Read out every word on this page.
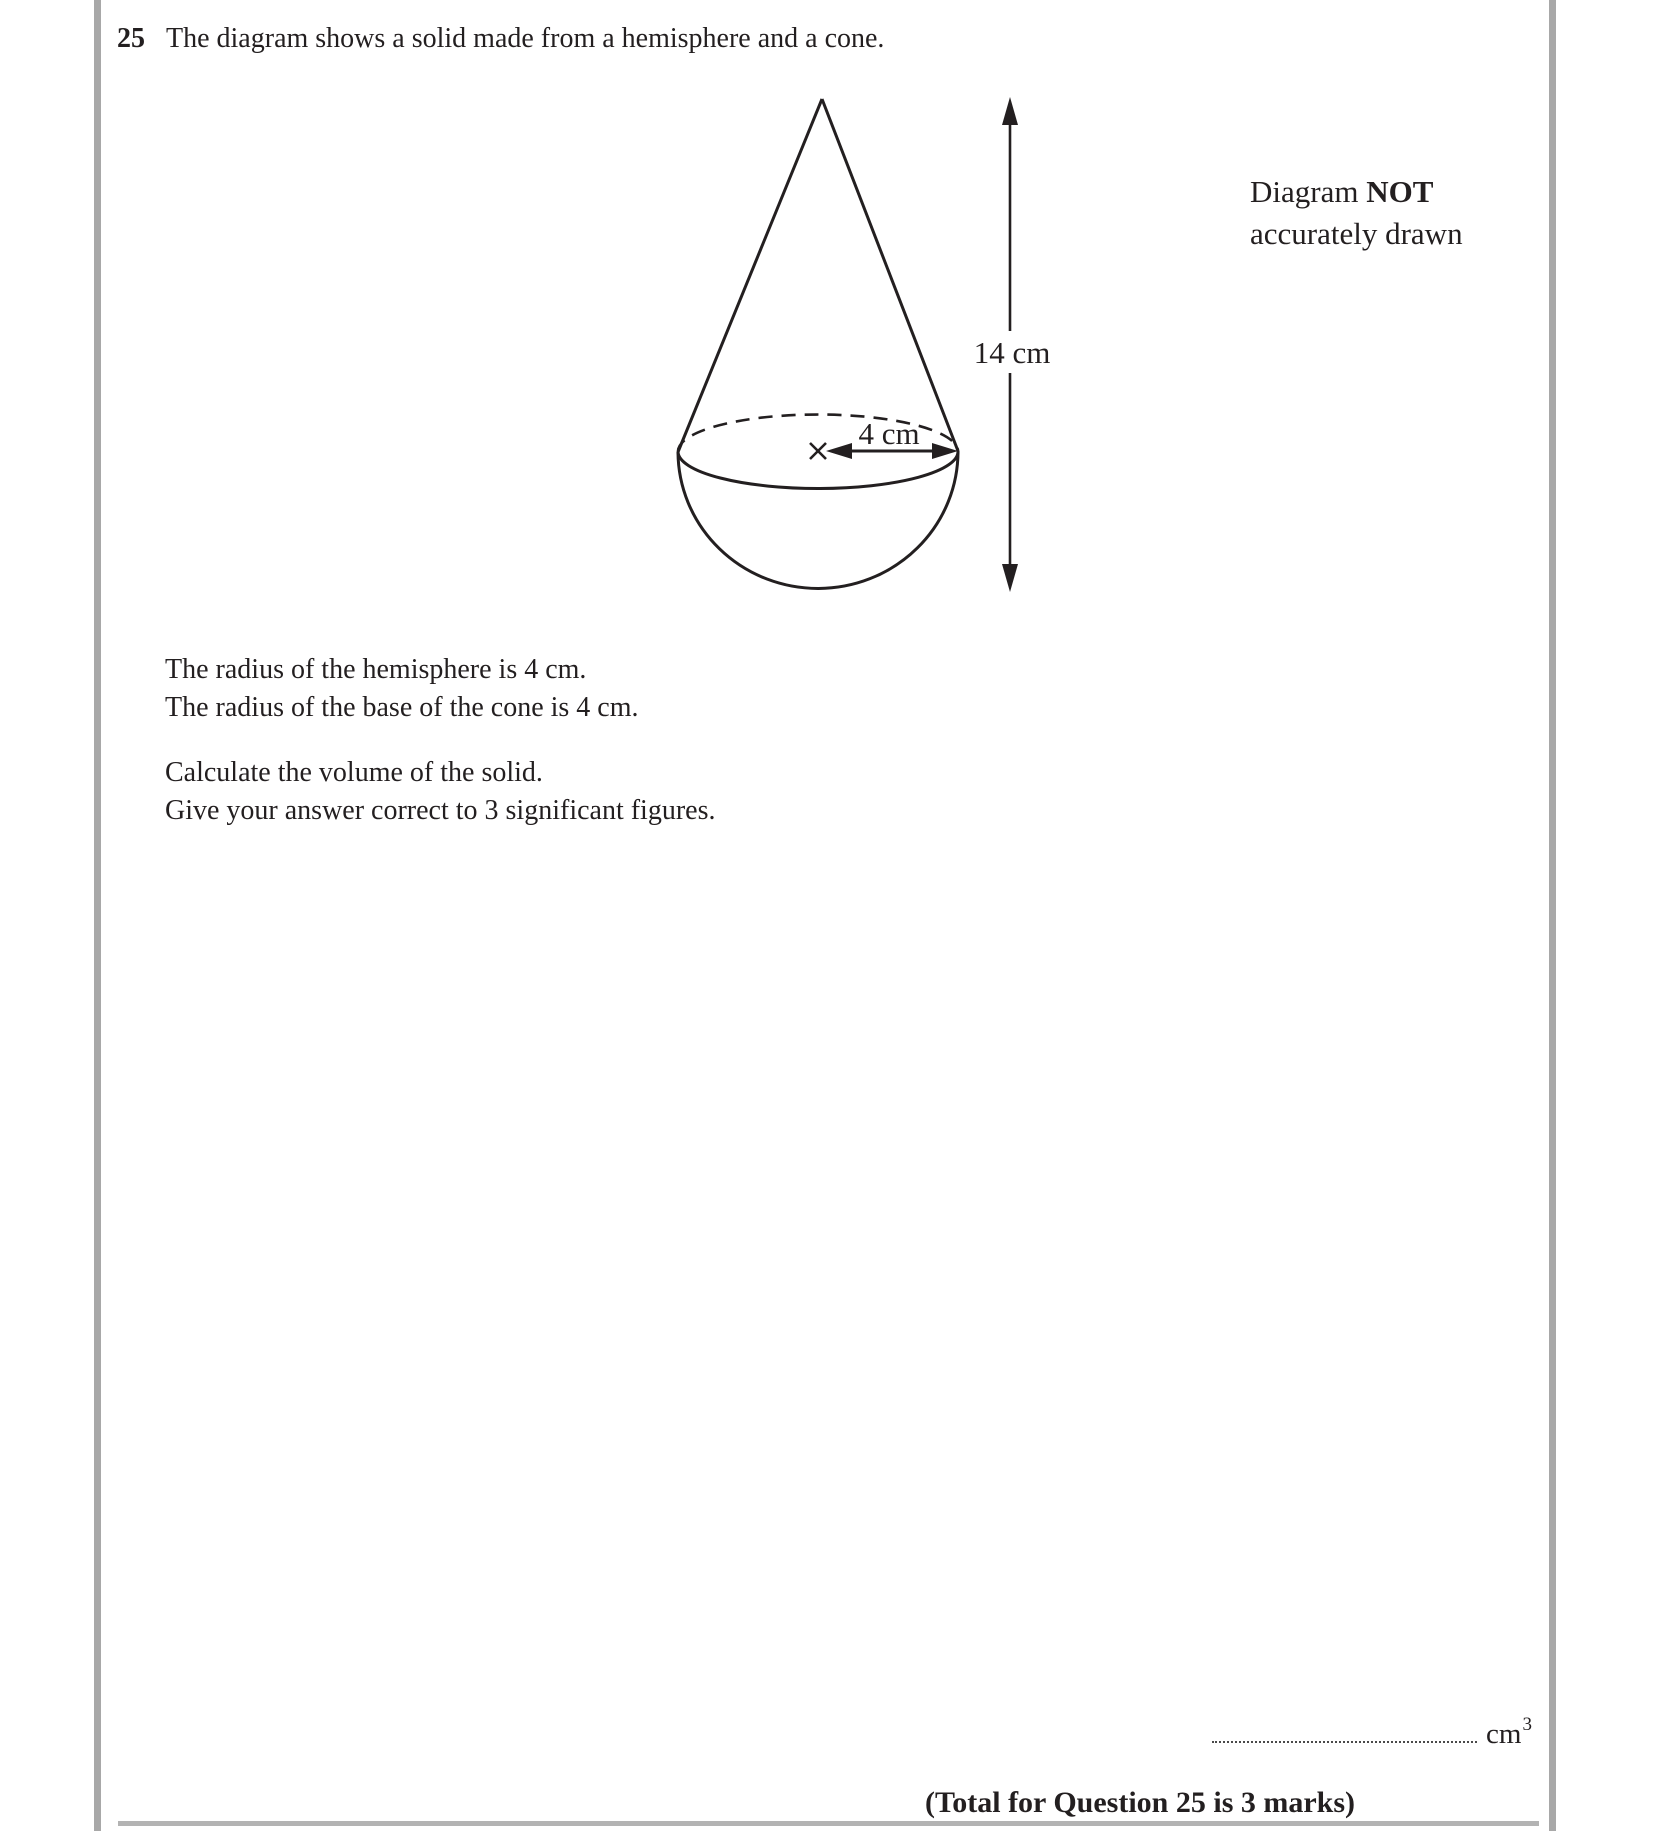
25 The diagram shows a solid made from a hemisphere and a cone.
4 cm
14 cm
Diagram NOT
accurately drawn
The radius of the hemisphere is 4 cm.
The radius of the base of the cone is 4 cm.
Calculate the volume of the solid.
Give your answer correct to 3 significant figures.
$cm^3$
(Total for Question 25 is 3 marks)
